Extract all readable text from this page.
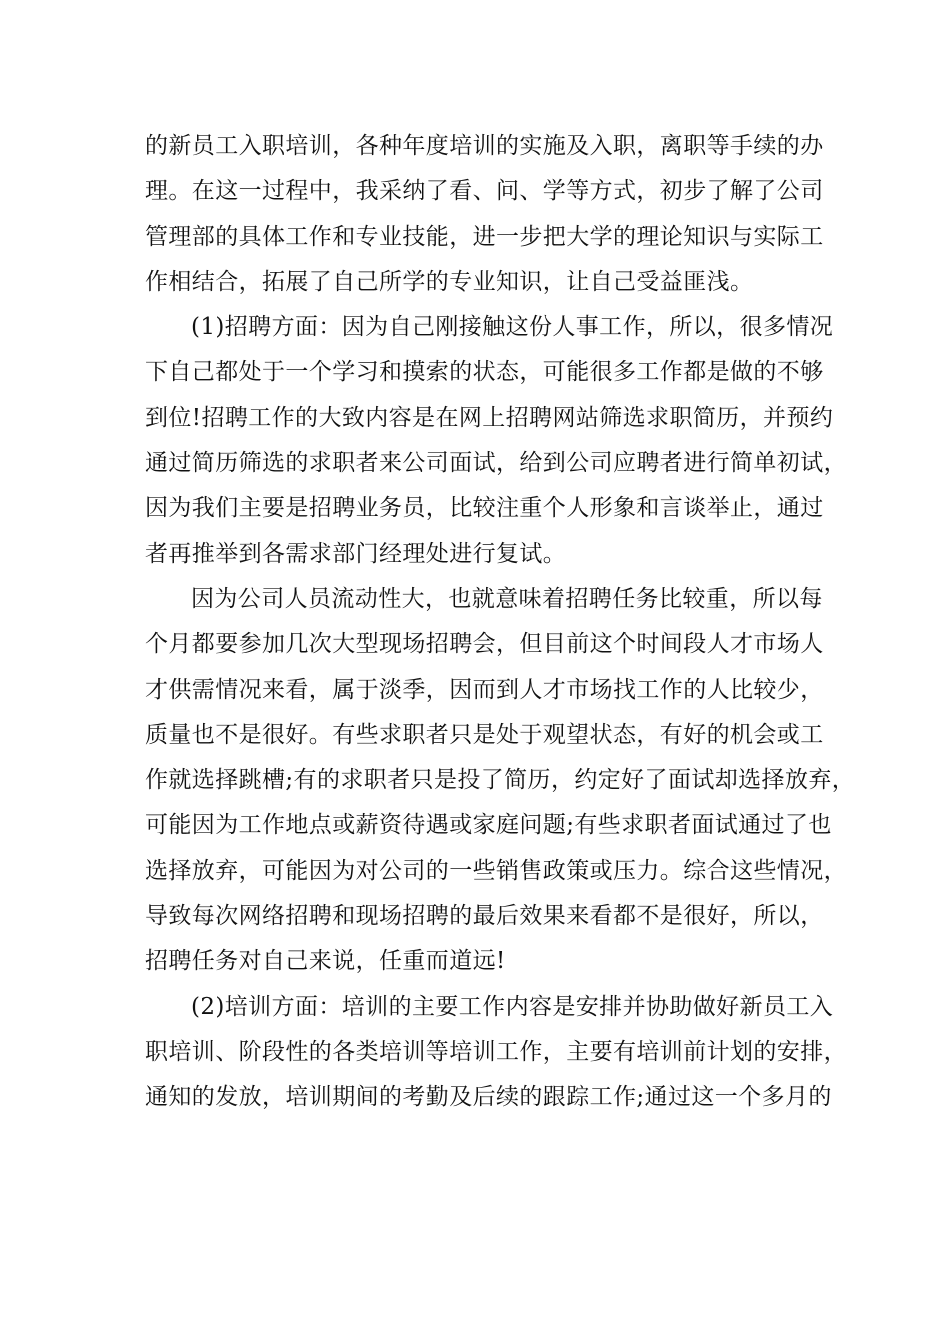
的新员工入职培训，各种年度培训的实施及入职，离职等手续的办
理。在这一过程中，我采纳了看、问、学等方式，初步了解了公司
管理部的具体工作和专业技能，进一步把大学的理论知识与实际工
作相结合，拓展了自己所学的专业知识，让自己受益匪浅。
(1)招聘方面：因为自己刚接触这份人事工作，所以，很多情况
下自己都处于一个学习和摸索的状态，可能很多工作都是做的不够
到位!招聘工作的大致内容是在网上招聘网站筛选求职简历，并预约
通过简历筛选的求职者来公司面试，给到公司应聘者进行简单初试，
因为我们主要是招聘业务员，比较注重个人形象和言谈举止，通过
者再推举到各需求部门经理处进行复试。
因为公司人员流动性大，也就意味着招聘任务比较重，所以每
个月都要参加几次大型现场招聘会，但目前这个时间段人才市场人
才供需情况来看，属于淡季，因而到人才市场找工作的人比较少，
质量也不是很好。有些求职者只是处于观望状态，有好的机会或工
作就选择跳槽;有的求职者只是投了简历，约定好了面试却选择放弃，
可能因为工作地点或薪资待遇或家庭问题;有些求职者面试通过了也
选择放弃，可能因为对公司的一些销售政策或压力。综合这些情况，
导致每次网络招聘和现场招聘的最后效果来看都不是很好，所以，
招聘任务对自己来说，任重而道远!
(2)培训方面：培训的主要工作内容是安排并协助做好新员工入
职培训、阶段性的各类培训等培训工作，主要有培训前计划的安排，
通知的发放，培训期间的考勤及后续的跟踪工作;通过这一个多月的
